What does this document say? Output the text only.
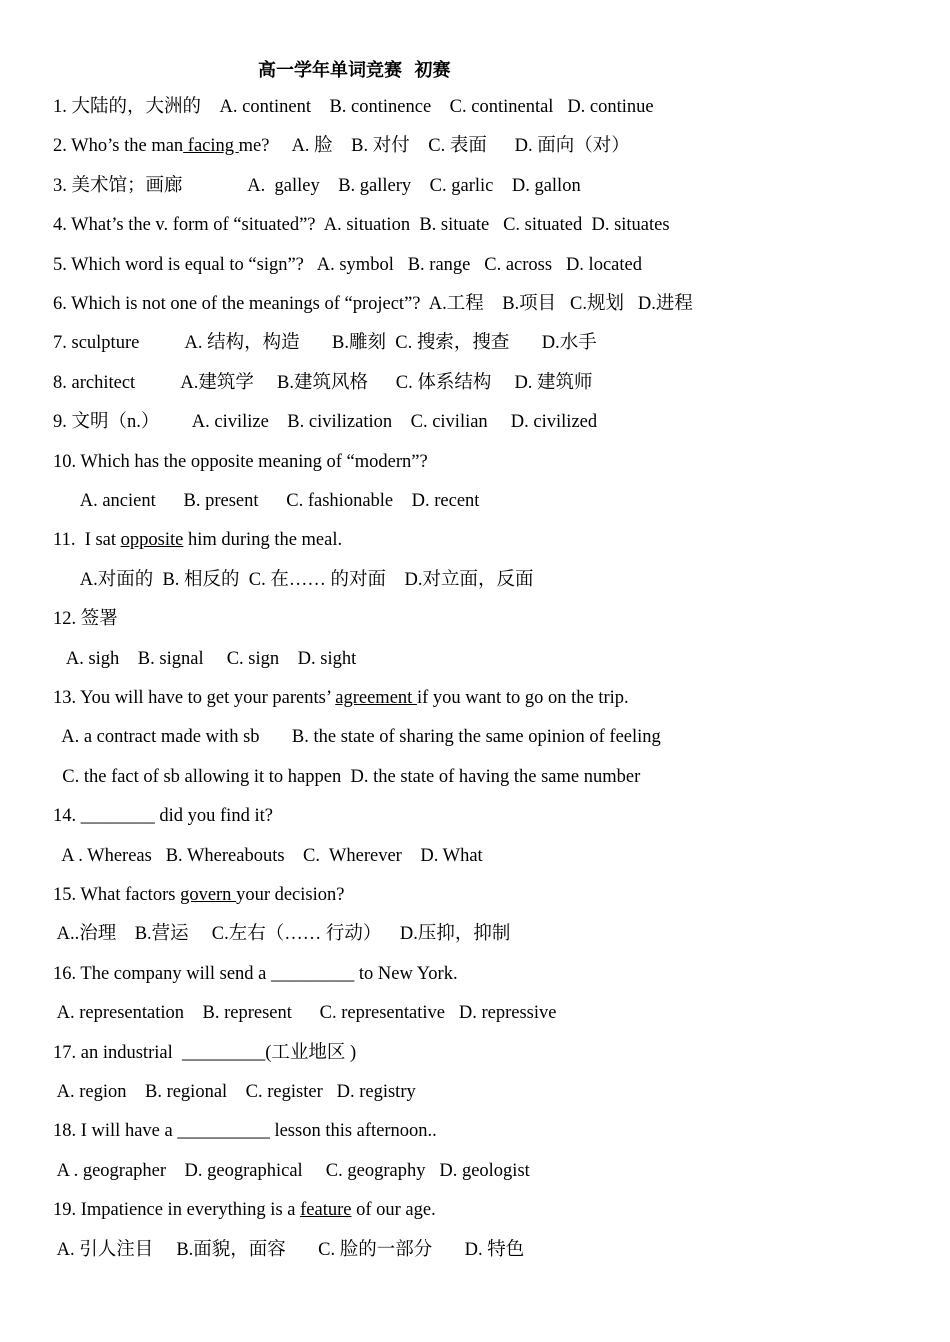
高一学年单词竞赛  初赛
1. 大陆的，大洲的    A. continent    B. continence    C. continental   D. continue
2. Who’s the man facing me?     A. 脸    B. 对付    C. 表面      D. 面向（对）
3. 美术馆；画廊              A.  galley    B. gallery    C. garlic    D. gallon
4. What’s the v. form of “situated”?  A. situation  B. situate   C. situated  D. situates
5. Which word is equal to “sign”?   A. symbol   B. range   C. across   D. located
6. Which is not one of the meanings of “project”?  A.工程    B.项目   C.规划   D.进程
7. sculpture          A. 结构，构造       B.雕刻  C. 搜索，搜查       D.水手
8. architect          A.建筑学     B.建筑风格      C. 体系结构     D. 建筑师
9. 文明（n.）       A. civilize    B. civilization    C. civilian     D. civilized
10. Which has the opposite meaning of “modern”?
A. ancient      B. present      C. fashionable    D. recent
11.  I sat opposite him during the meal.
A.对面的  B. 相反的  C. 在…… 的对面    D.对立面，反面
12. 签署
A. sigh    B. signal     C. sign    D. sight
13. You will have to get your parents’ agreement if you want to go on the trip.
A. a contract made with sb       B. the state of sharing the same opinion of feeling
C. the fact of sb allowing it to happen  D. the state of having the same number
14. ________ did you find it?
A . Whereas   B. Whereabouts    C.  Wherever    D. What
15. What factors govern your decision?
A..治理    B.营运     C.左右（…… 行动）    D.压抑，抑制
16. The company will send a _________ to New York.
A. representation    B. represent      C. representative   D. repressive
17. an industrial  _________(工业地区 )
A. region    B. regional    C. register   D. registry
18. I will have a __________ lesson this afternoon..
A . geographer    D. geographical     C. geography   D. geologist
19. Impatience in everything is a feature of our age.
A. 引人注目     B.面貌，面容       C. 脸的一部分       D. 特色
